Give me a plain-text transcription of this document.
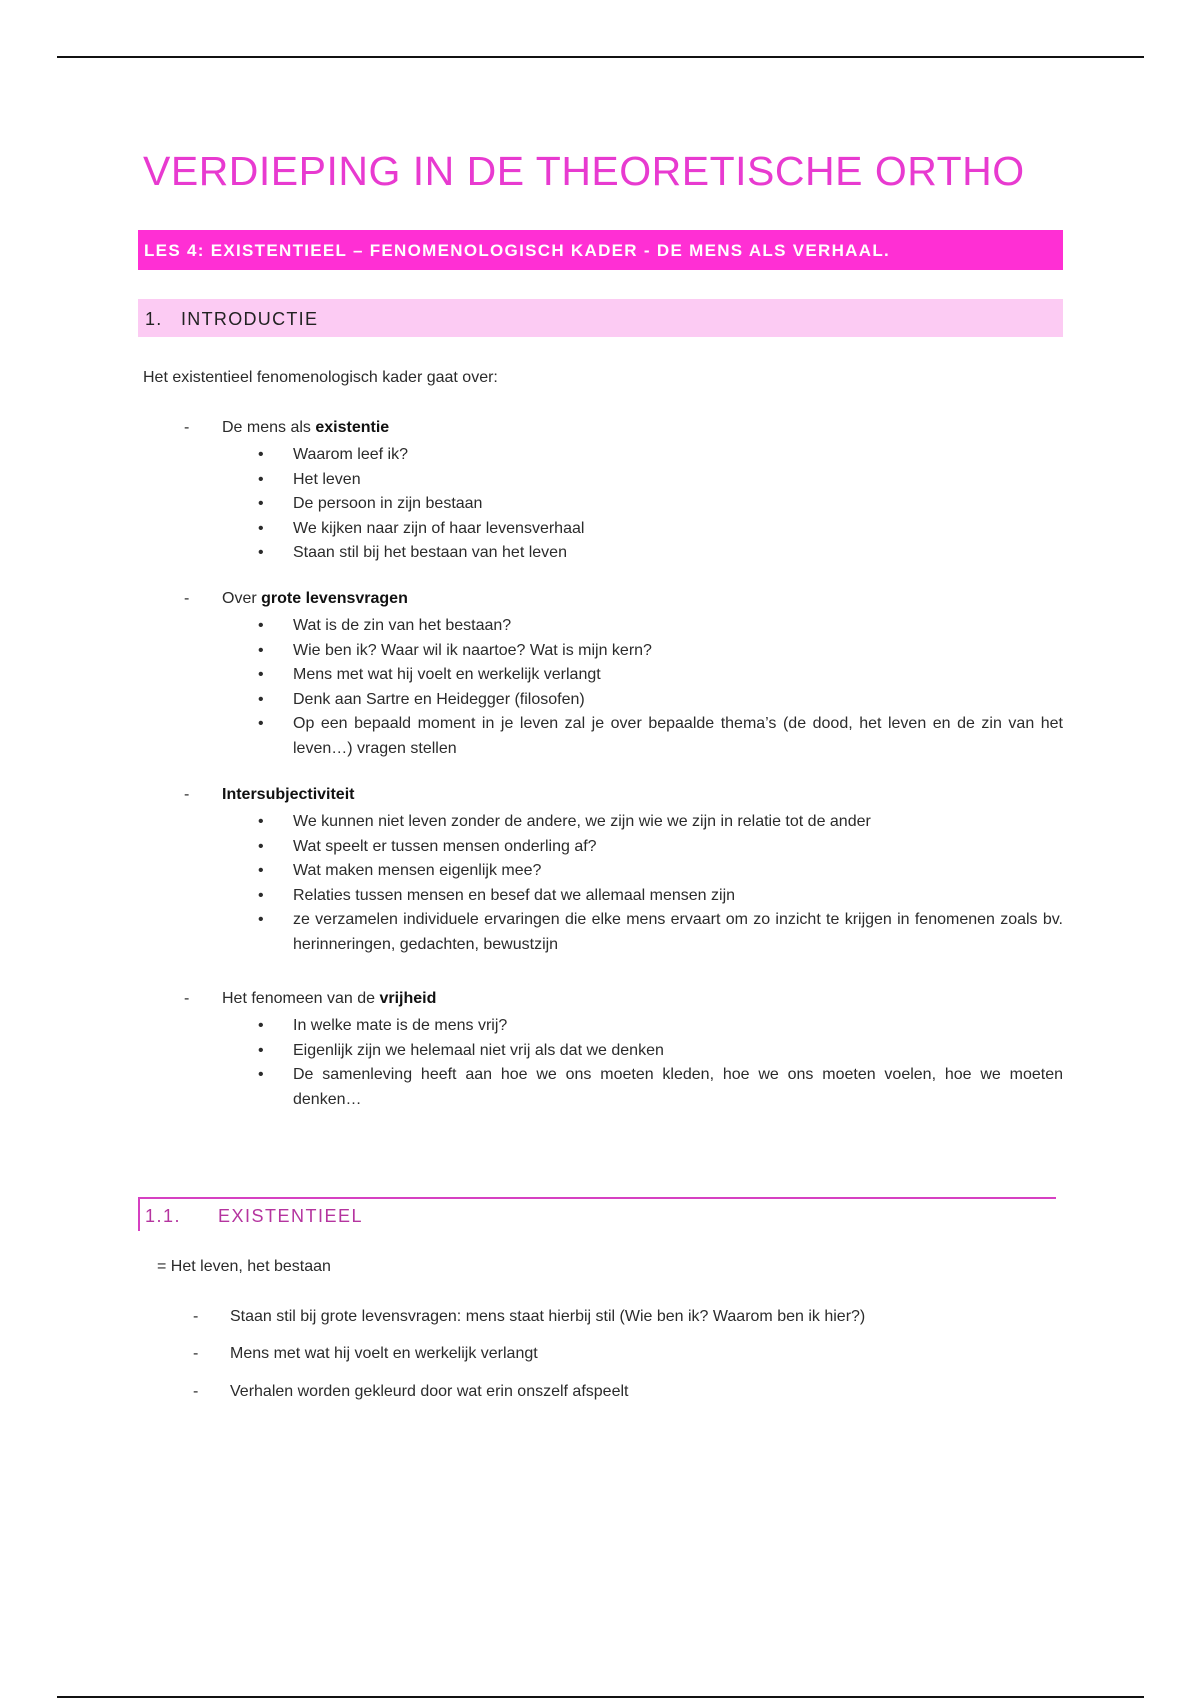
VERDIEPING IN DE THEORETISCHE ORTHO
LES 4: EXISTENTIEEL – FENOMENOLOGISCH KADER - DE MENS ALS VERHAAL.
1. INTRODUCTIE

Het existentieel fenomenologisch kader gaat over:

- De mens als existentie
• Waarom leef ik?
• Het leven
• De persoon in zijn bestaan
• We kijken naar zijn of haar levensverhaal
• Staan stil bij het bestaan van het leven
- Over grote levensvragen
• Wat is de zin van het bestaan?
• Wie ben ik? Waar wil ik naartoe? Wat is mijn kern?
• Mens met wat hij voelt en werkelijk verlangt
• Denk aan Sartre en Heidegger (filosofen)
• Op een bepaald moment in je leven zal je over bepaalde thema’s (de dood, het leven en de zin van het leven…) vragen stellen
- Intersubjectiviteit
• We kunnen niet leven zonder de andere, we zijn wie we zijn in relatie tot de ander
• Wat speelt er tussen mensen onderling af?
• Wat maken mensen eigenlijk mee?
• Relaties tussen mensen en besef dat we allemaal mensen zijn
• ze verzamelen individuele ervaringen die elke mens ervaart om zo inzicht te krijgen in fenomenen zoals bv. herinneringen, gedachten, bewustzijn
- Het fenomeen van de vrijheid
• In welke mate is de mens vrij?
• Eigenlijk zijn we helemaal niet vrij als dat we denken
• De samenleving heeft aan hoe we ons moeten kleden, hoe we ons moeten voelen, hoe we moeten denken…
1.1. EXISTENTIEEL

= Het leven, het bestaan

- Staan stil bij grote levensvragen: mens staat hierbij stil (Wie ben ik? Waarom ben ik hier?)
- Mens met wat hij voelt en werkelijk verlangt
- Verhalen worden gekleurd door wat erin onszelf afspeelt
